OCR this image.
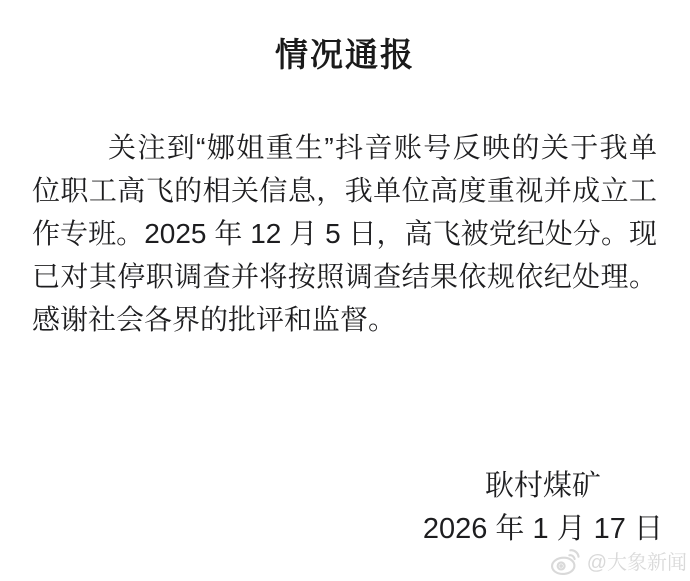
情况通报
关注到“娜姐重生”抖音账号反映的关于我单
位职工高飞的相关信息，我单位高度重视并成立工
作专班。2025 年 12 月 5 日，高飞被党纪处分。现
已对其停职调查并将按照调查结果依规依纪处理。
感谢社会各界的批评和监督。
耿村煤矿
2026 年 1 月 17 日
@大象新闻
